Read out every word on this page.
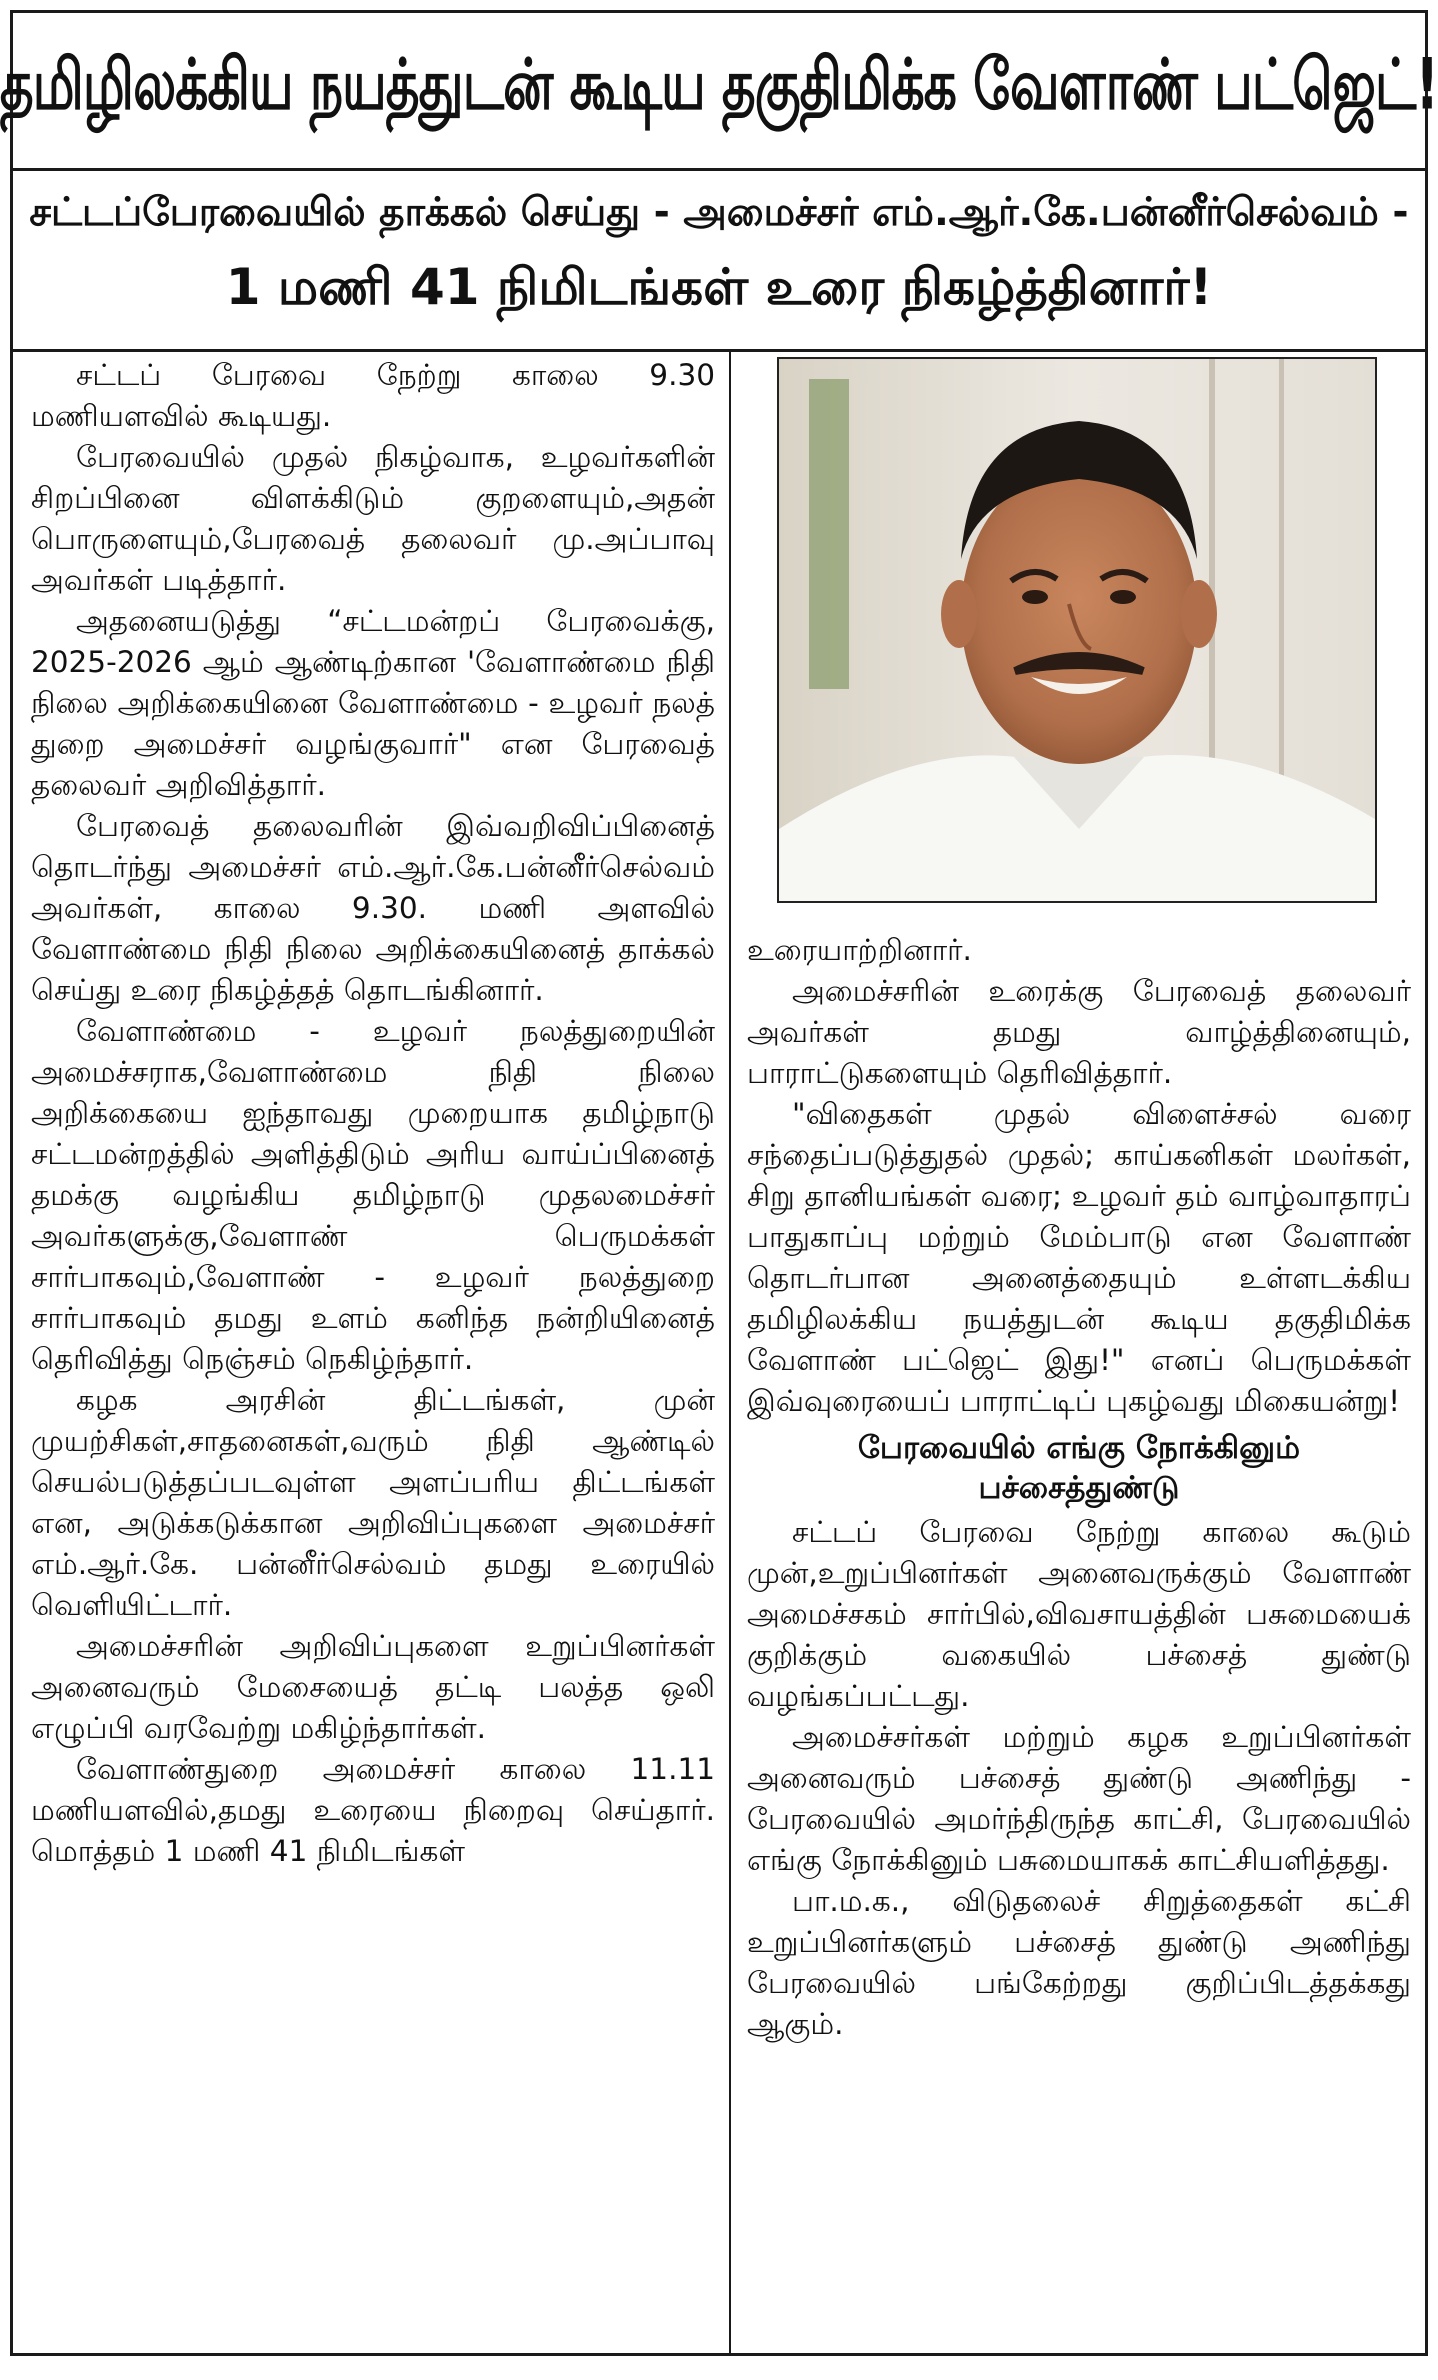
தமிழிலக்கிய நயத்துடன் கூடிய தகுதிமிக்க வேளாண் பட்ஜெட்!
சட்டப்பேரவையில் தாக்கல் செய்து - அமைச்சர் எம்.ஆர்.கே.பன்னீர்செல்வம் -
1 மணி 41 நிமிடங்கள் உரை நிகழ்த்தினார்!

சட்டப் பேரவை நேற்று காலை 9.30 மணியளவில் கூடியது.

பேரவையில் முதல் நிகழ்வாக, உழவர்களின் சிறப்பினை விளக்கிடும் குறளையும்,அதன் பொருளையும்,பேரவைத் தலைவர் மு.அப்பாவு அவர்கள் படித்தார்.

அதனையடுத்து “சட்டமன்றப் பேரவைக்கு, 2025-2026 ஆம் ஆண்டிற்கான 'வேளாண்மை நிதி நிலை அறிக்கையினை வேளாண்மை - உழவர் நலத் துறை அமைச்சர் வழங்குவார்" என பேரவைத் தலைவர் அறிவித்தார்.

பேரவைத் தலைவரின் இவ்வறிவிப்பினைத் தொடர்ந்து அமைச்சர் எம்.ஆர்.கே.பன்னீர்செல்வம் அவர்கள், காலை 9.30. மணி அளவில் வேளாண்மை நிதி நிலை அறிக்கையினைத் தாக்கல் செய்து உரை நிகழ்த்தத் தொடங்கினார்.

வேளாண்மை - உழவர் நலத்துறையின் அமைச்சராக,வேளாண்மை நிதி நிலை அறிக்கையை ஐந்தாவது முறையாக தமிழ்நாடு சட்டமன்றத்தில் அளித்திடும் அரிய வாய்ப்பினைத் தமக்கு வழங்கிய தமிழ்நாடு முதலமைச்சர் அவர்களுக்கு,வேளாண் பெருமக்கள் சார்பாகவும்,வேளாண் - உழவர் நலத்துறை சார்பாகவும் தமது உளம் கனிந்த நன்றியினைத் தெரிவித்து நெஞ்சம் நெகிழ்ந்தார்.

கழக அரசின் திட்டங்கள், முன் முயற்சிகள்,சாதனைகள்,வரும் நிதி ஆண்டில் செயல்படுத்தப்படவுள்ள அளப்பரிய திட்டங்கள் என, அடுக்கடுக்கான அறிவிப்புகளை அமைச்சர் எம்.ஆர்.கே. பன்னீர்செல்வம் தமது உரையில் வெளியிட்டார்.

அமைச்சரின் அறிவிப்புகளை உறுப்பினர்கள் அனைவரும் மேசையைத் தட்டி பலத்த ஒலி எழுப்பி வரவேற்று மகிழ்ந்தார்கள்.

வேளாண்துறை அமைச்சர் காலை 11.11 மணியளவில்,தமது உரையை நிறைவு செய்தார். மொத்தம் 1 மணி 41 நிமிடங்கள்

உரையாற்றினார்.

அமைச்சரின் உரைக்கு பேரவைத் தலைவர் அவர்கள் தமது வாழ்த்தினையும், பாராட்டுகளையும் தெரிவித்தார்.

"விதைகள் முதல் விளைச்சல் வரை சந்தைப்படுத்துதல் முதல்; காய்கனிகள் மலர்கள், சிறு தானியங்கள் வரை; உழவர் தம் வாழ்வாதாரப் பாதுகாப்பு மற்றும் மேம்பாடு என வேளாண் தொடர்பான அனைத்தையும் உள்ளடக்கிய தமிழிலக்கிய நயத்துடன் கூடிய தகுதிமிக்க வேளாண் பட்ஜெட் இது!" எனப் பெருமக்கள் இவ்வுரையைப் பாராட்டிப் புகழ்வது மிகையன்று!

பேரவையில் எங்கு நோக்கினும்
பச்சைத்துண்டு

சட்டப் பேரவை நேற்று காலை கூடும் முன்,உறுப்பினர்கள் அனைவருக்கும் வேளாண் அமைச்சகம் சார்பில்,விவசாயத்தின் பசுமையைக் குறிக்கும் வகையில் பச்சைத் துண்டு வழங்கப்பட்டது.

அமைச்சர்கள் மற்றும் கழக உறுப்பினர்கள் அனைவரும் பச்சைத் துண்டு அணிந்து - பேரவையில் அமர்ந்திருந்த காட்சி, பேரவையில் எங்கு நோக்கினும் பசுமையாகக் காட்சியளித்தது.

பா.ம.க., விடுதலைச் சிறுத்தைகள் கட்சி உறுப்பினர்களும் பச்சைத் துண்டு அணிந்து பேரவையில் பங்கேற்றது குறிப்பிடத்தக்கது ஆகும்.
